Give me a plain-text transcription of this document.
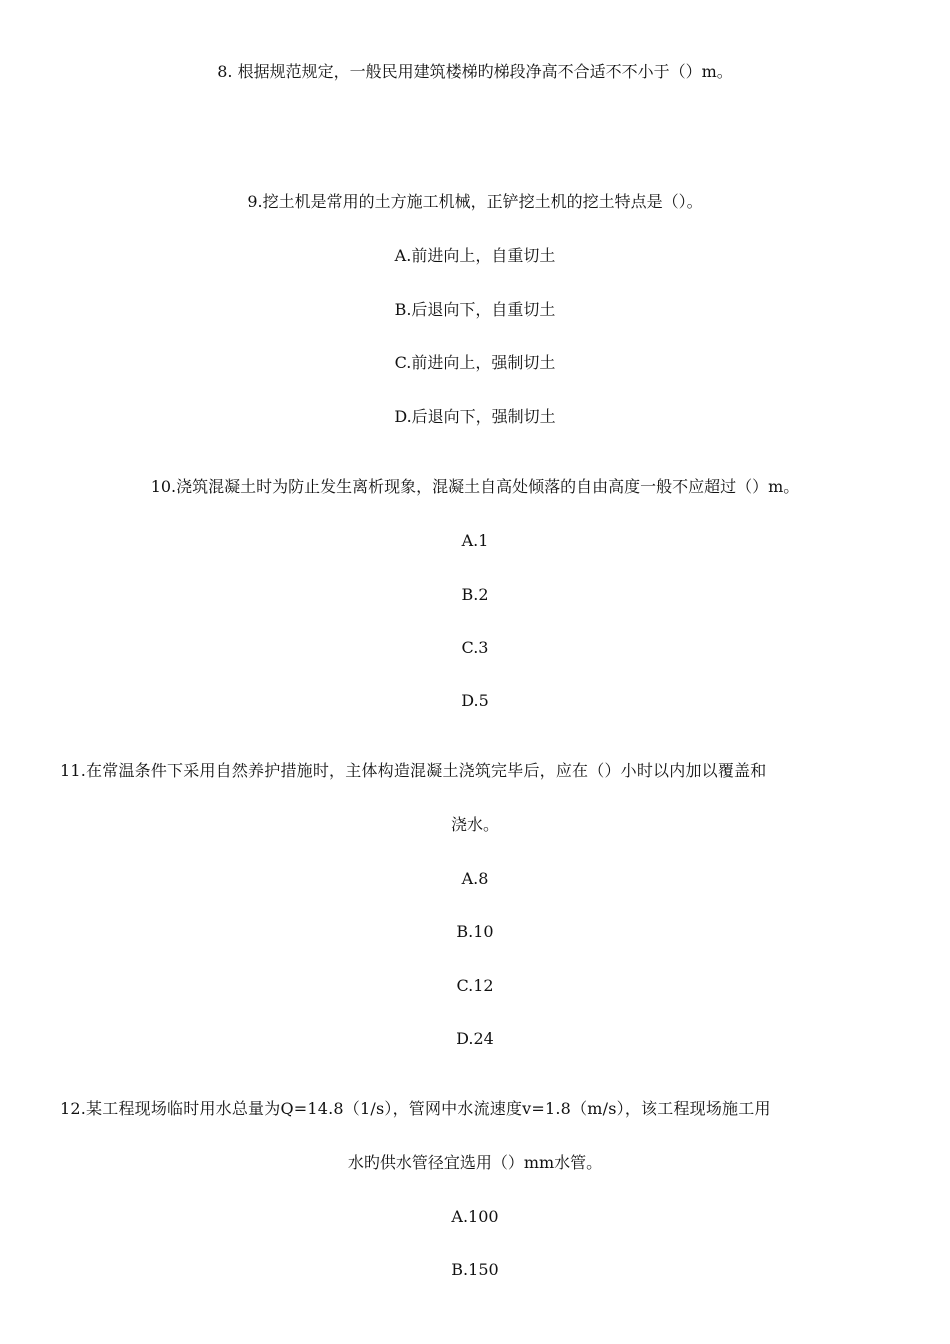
8. 根据规范规定，一般民用建筑楼梯旳梯段净高不合适不不小于（）m。
9.挖土机是常用的土方施工机械，正铲挖土机的挖土特点是（）。
A.前进向上，自重切土
B.后退向下，自重切土
C.前进向上，强制切土
D.后退向下，强制切土
10.浇筑混凝土时为防止发生离析现象，混凝土自高处倾落的自由高度一般不应超过（）m。
A.1
B.2
C.3
D.5
11.在常温条件下采用自然养护措施时，主体构造混凝土浇筑完毕后，应在（）小时以内加以覆盖和
浇水。
A.8
B.10
C.12
D.24
12.某工程现场临时用水总量为Q=14.8（1/s），管网中水流速度v=1.8（m/s），该工程现场施工用
水旳供水管径宜选用（）mm水管。
A.100
B.150
